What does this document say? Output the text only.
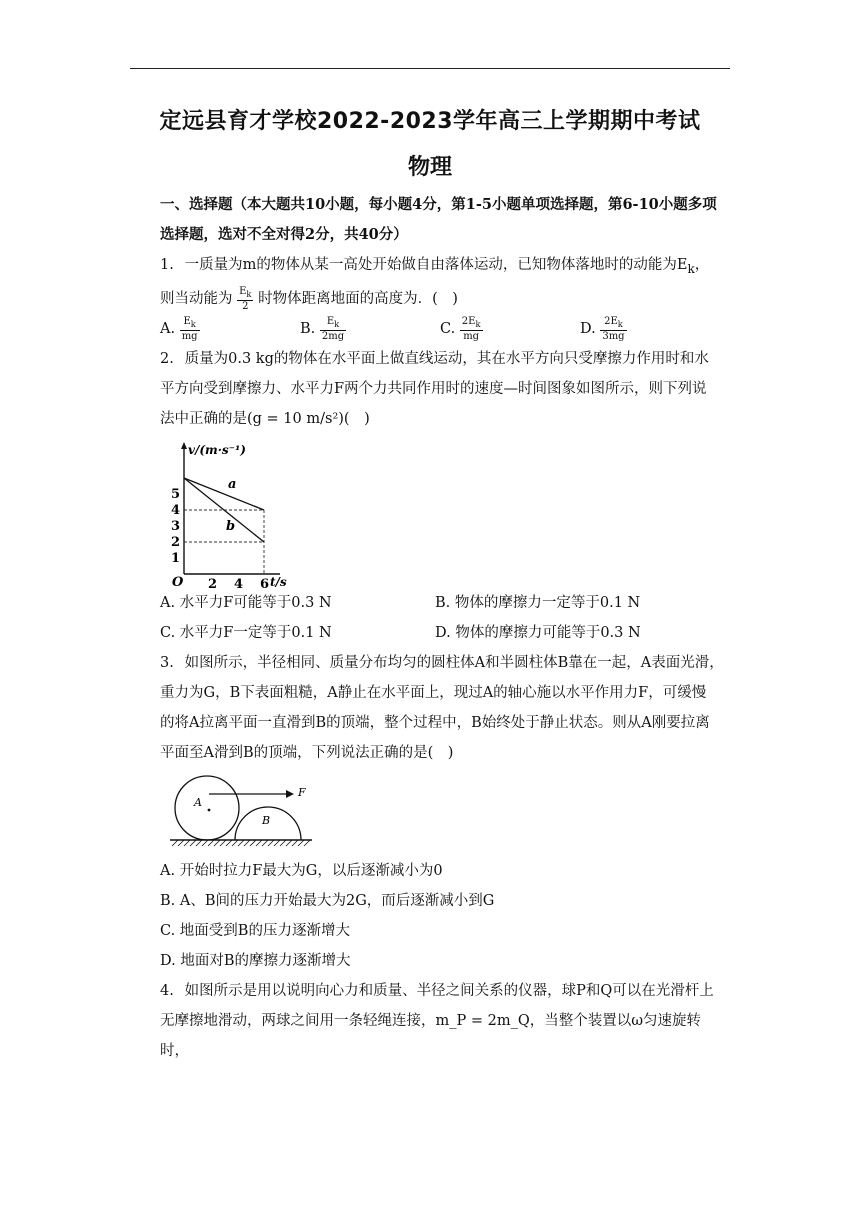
定远县育才学校2022-2023学年高三上学期期中考试
物理
一、选择题（本大题共10小题，每小题4分，第1-5小题单项选择题，第6-10小题多项选择题，选对不全对得2分，共40分）
1. 一质量为m的物体从某一高处开始做自由落体运动，已知物体落地时的动能为$E_k$，
则当动能为 $\frac{E_k}{2}$ 时物体距离地面的高度为．(　)
A. $\frac{E_k}{mg}$	B. $\frac{E_k}{2mg}$	C. $\frac{2E_k}{mg}$	D. $\frac{2E_k}{3mg}$
2. 质量为0.3 kg的物体在水平面上做直线运动，其在水平方向只受摩擦力作用时和水
平方向受到摩擦力、水平力F两个力共同作用时的速度—时间图象如图所示，则下列说
法中正确的是(g = 10 m/s²)(　)
v/(m·s⁻¹)
t/s
O
1
2
3
4
5
2 4 6
a
b
A. 水平力F可能等于0.3 N	B. 物体的摩擦力一定等于0.1 N
C. 水平力F一定等于0.1 N	D. 物体的摩擦力可能等于0.3 N
3. 如图所示，半径相同、质量分布均匀的圆柱体A和半圆柱体B靠在一起，A表面光滑，
重力为G，B下表面粗糙，A静止在水平面上，现过A的轴心施以水平作用力F，可缓慢
的将A拉离平面一直滑到B的顶端，整个过程中，B始终处于静止状态。则从A刚要拉离
平面至A滑到B的顶端，下列说法正确的是(　)
A
B
F
A. 开始时拉力F最大为G，以后逐渐减小为0
B. A、B间的压力开始最大为2G，而后逐渐减小到G
C. 地面受到B的压力逐渐增大
D. 地面对B的摩擦力逐渐增大
4. 如图所示是用以说明向心力和质量、半径之间关系的仪器，球P和Q可以在光滑杆上
无摩擦地滑动，两球之间用一条轻绳连接，m_P = 2m_Q，当整个装置以ω匀速旋转时，
